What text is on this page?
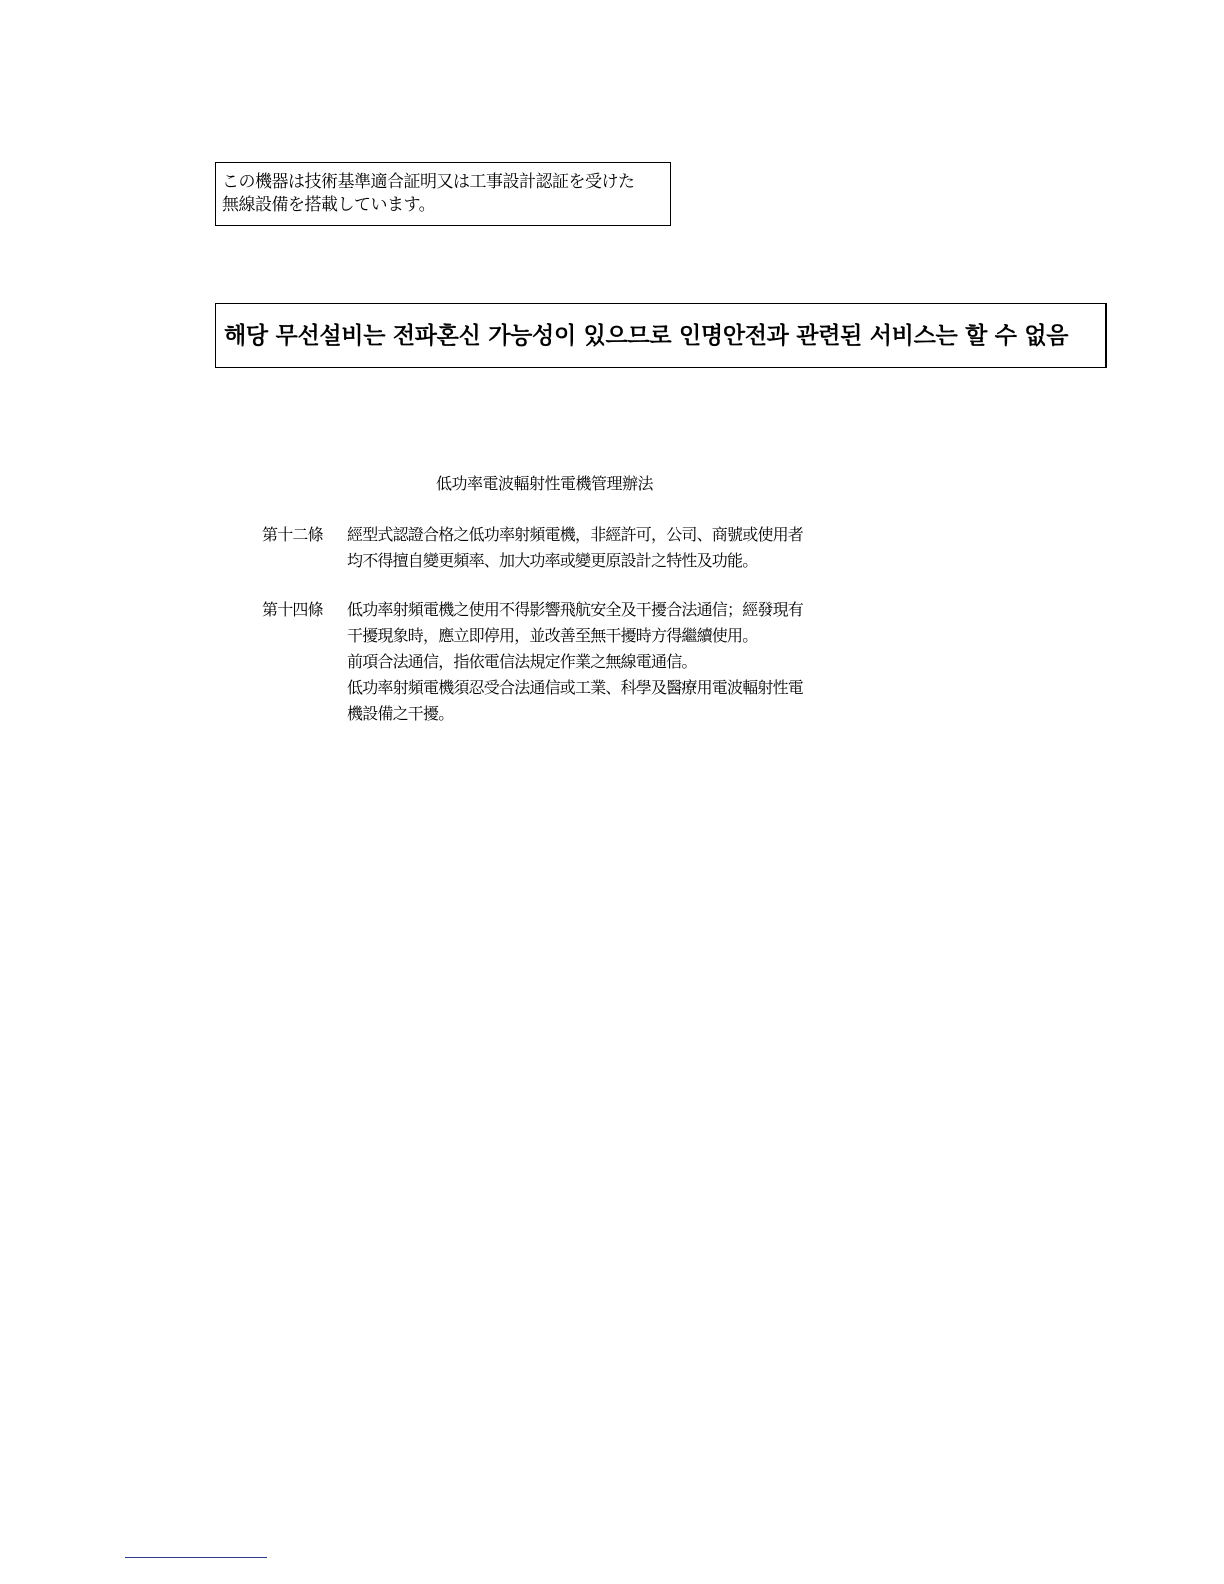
この機器は技術基準適合証明又は工事設計認証を受けた
無線設備を搭載しています。
해당 무선설비는 전파혼신 가능성이 있으므로 인명안전과 관련된 서비스는 할 수 없음
低功率電波輻射性電機管理辦法
第十二條 經型式認證合格之低功率射頻電機，非經許可，公司、商號或使用者
均不得擅自變更頻率、加大功率或變更原設計之特性及功能。
第十四條 低功率射頻電機之使用不得影響飛航安全及干擾合法通信；經發現有
干擾現象時，應立即停用，並改善至無干擾時方得繼續使用。
前項合法通信，指依電信法規定作業之無線電通信。
低功率射頻電機須忍受合法通信或工業、科學及醫療用電波輻射性電
機設備之干擾。
